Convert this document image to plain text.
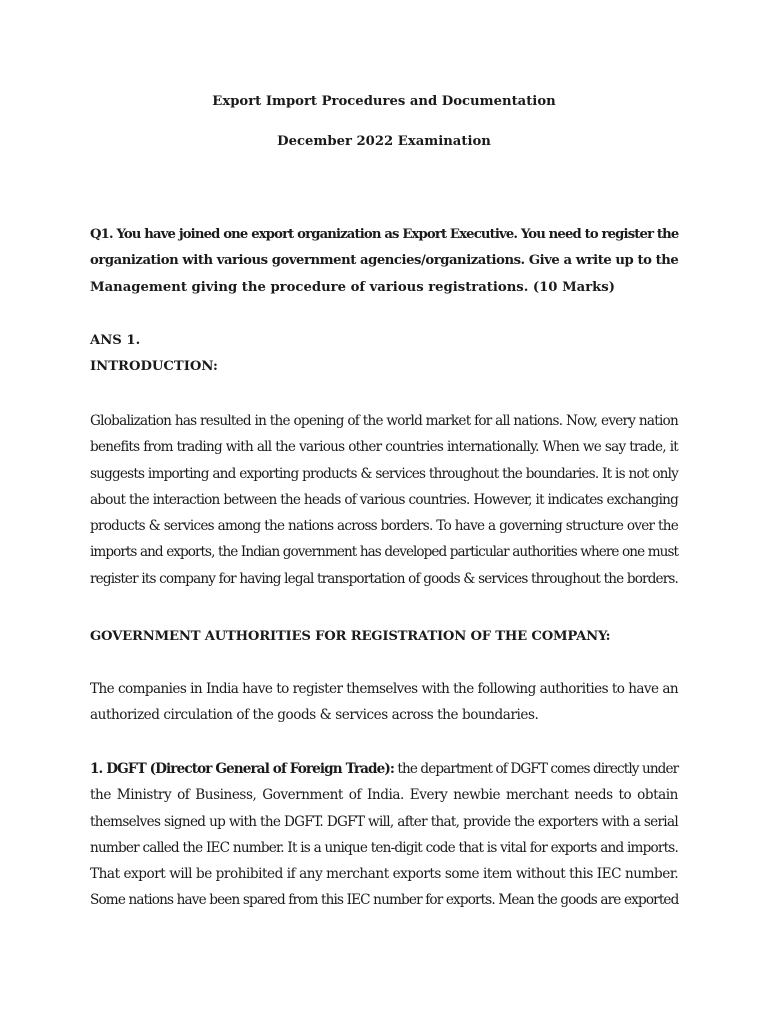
Export Import Procedures and Documentation
December 2022 Examination
Q1. You have joined one export organization as Export Executive. You need to register the
organization with various government agencies/organizations. Give a write up to the
Management giving the procedure of various registrations. (10 Marks)
ANS 1.
INTRODUCTION:
Globalization has resulted in the opening of the world market for all nations. Now, every nation
benefits from trading with all the various other countries internationally. When we say trade, it
suggests importing and exporting products & services throughout the boundaries. It is not only
about the interaction between the heads of various countries. However, it indicates exchanging
products & services among the nations across borders. To have a governing structure over the
imports and exports, the Indian government has developed particular authorities where one must
register its company for having legal transportation of goods & services throughout the borders.
GOVERNMENT AUTHORITIES FOR REGISTRATION OF THE COMPANY:
The companies in India have to register themselves with the following authorities to have an
authorized circulation of the goods & services across the boundaries.
1. DGFT (Director General of Foreign Trade): the department of DGFT comes directly under
the Ministry of Business, Government of India. Every newbie merchant needs to obtain
themselves signed up with the DGFT. DGFT will, after that, provide the exporters with a serial
number called the IEC number. It is a unique ten-digit code that is vital for exports and imports.
That export will be prohibited if any merchant exports some item without this IEC number.
Some nations have been spared from this IEC number for exports. Mean the goods are exported
